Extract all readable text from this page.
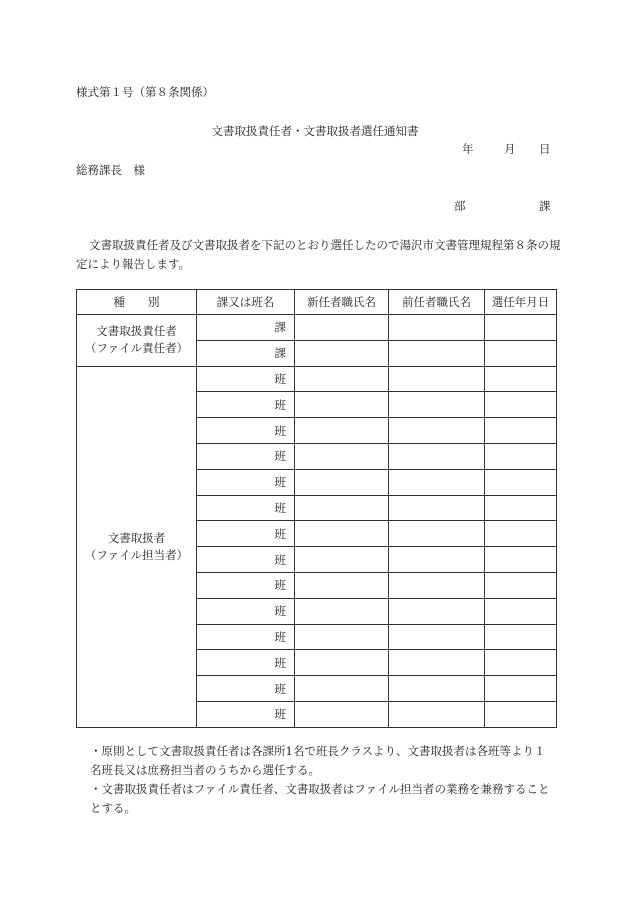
様式第１号（第８条関係）
文書取扱責任者・文書取扱者選任通知書
年	月 日
総務課長　様
部	課
文書取扱責任者及び文書取扱者を下記のとおり選任したので湯沢市文書管理規程第８条の規定により報告します。
種　　別	課又は班名	新任者職氏名	前任者職氏名	選任年月日

文書取扱責任者
（ファイル責任者）	課			
	課			

文書取扱者
（ファイル担当者）	班			
	班			
	班			
	班			
	班			
	班			
	班			
	班			
	班			
	班			
	班			
	班			
	班			
	班			

・原則として文書取扱責任者は各課所1名で班長クラスより、文書取扱者は各班等より１名班長又は庶務担当者のうちから選任する。

・文書取扱責任者はファイル責任者、文書取扱者はファイル担当者の業務を兼務することとする。
